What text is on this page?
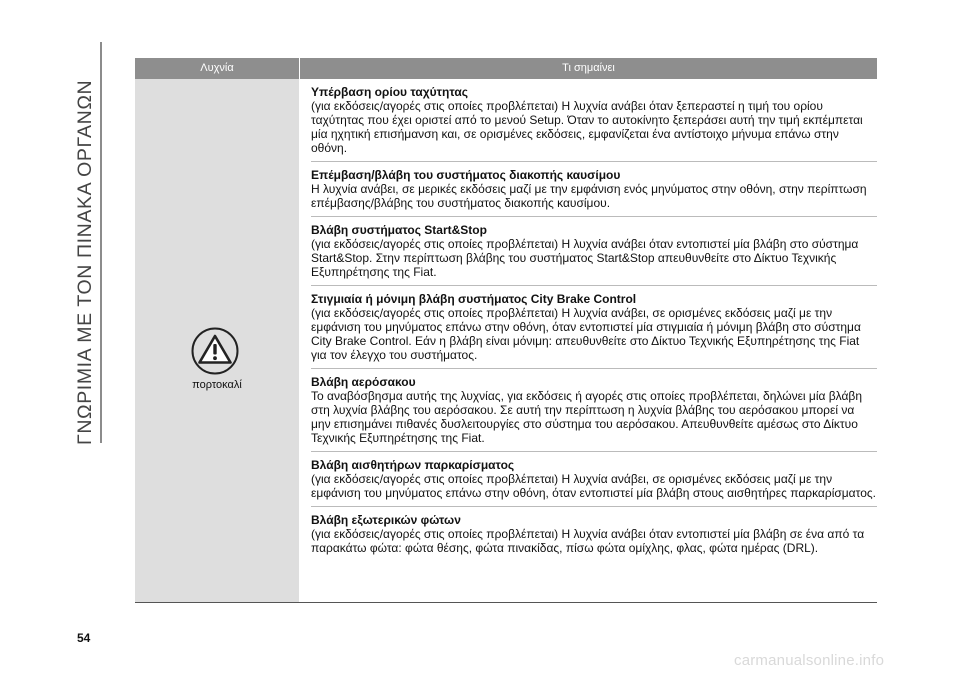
ΓΝΩΡΙΜΙΑ ΜΕ ΤΟΝ ΠΙΝΑΚΑ ΟΡΓΑΝΩΝ
Λυχνία	Τι σημαίνει
πορτοκαλί
Υπέρβαση ορίου ταχύτητας

(για εκδόσεις/αγορές στις οποίες προβλέπεται) Η λυχνία ανάβει όταν ξεπεραστεί η τιμή του ορίου ταχύτητας που έχει οριστεί από το μενού Setup. Όταν το αυτοκίνητο ξεπεράσει αυτή την τιμή εκπέμπεται μία ηχητική επισήμανση και, σε ορισμένες εκδόσεις, εμφανίζεται ένα αντίστοιχο μήνυμα επάνω στην οθόνη.

Επέμβαση/βλάβη του συστήματος διακοπής καυσίμου

Η λυχνία ανάβει, σε μερικές εκδόσεις μαζί με την εμφάνιση ενός μηνύματος στην οθόνη, στην περίπτωση επέμβασης/βλάβης του συστήματος διακοπής καυσίμου.

Βλάβη συστήματος Start&Stop

(για εκδόσεις/αγορές στις οποίες προβλέπεται) Η λυχνία ανάβει όταν εντοπιστεί μία βλάβη στο σύστημα Start&Stop. Στην περίπτωση βλάβης του συστήματος Start&Stop απευθυνθείτε στο Δίκτυο Τεχνικής Εξυπηρέτησης της Fiat.

Στιγμιαία ή μόνιμη βλάβη συστήματος City Brake Control

(για εκδόσεις/αγορές στις οποίες προβλέπεται) Η λυχνία ανάβει, σε ορισμένες εκδόσεις μαζί με την εμφάνιση του μηνύματος επάνω στην οθόνη, όταν εντοπιστεί μία στιγμιαία ή μόνιμη βλάβη στο σύστημα City Brake Control. Εάν η βλάβη είναι μόνιμη: απευθυνθείτε στο Δίκτυο Τεχνικής Εξυπηρέτησης της Fiat για τον έλεγχο του συστήματος.

Βλάβη αερόσακου

Το αναβόσβησμα αυτής της λυχνίας, για εκδόσεις ή αγορές στις οποίες προβλέπεται, δηλώνει μία βλάβη στη λυχνία βλάβης του αερόσακου. Σε αυτή την περίπτωση η λυχνία βλάβης του αερόσακου μπορεί να μην επισημάνει πιθανές δυσλειτουργίες στο σύστημα του αερόσακου. Απευθυνθείτε αμέσως στο Δίκτυο Τεχνικής Εξυπηρέτησης της Fiat.

Βλάβη αισθητήρων παρκαρίσματος

(για εκδόσεις/αγορές στις οποίες προβλέπεται) Η λυχνία ανάβει, σε ορισμένες εκδόσεις μαζί με την εμφάνιση του μηνύματος επάνω στην οθόνη, όταν εντοπιστεί μία βλάβη στους αισθητήρες παρκαρίσματος.

Βλάβη εξωτερικών φώτων

(για εκδόσεις/αγορές στις οποίες προβλέπεται) Η λυχνία ανάβει όταν εντοπιστεί μία βλάβη σε ένα από τα παρακάτω φώτα: φώτα θέσης, φώτα πινακίδας, πίσω φώτα ομίχλης, φλας, φώτα ημέρας (DRL).

54
carmanualsonline.info
